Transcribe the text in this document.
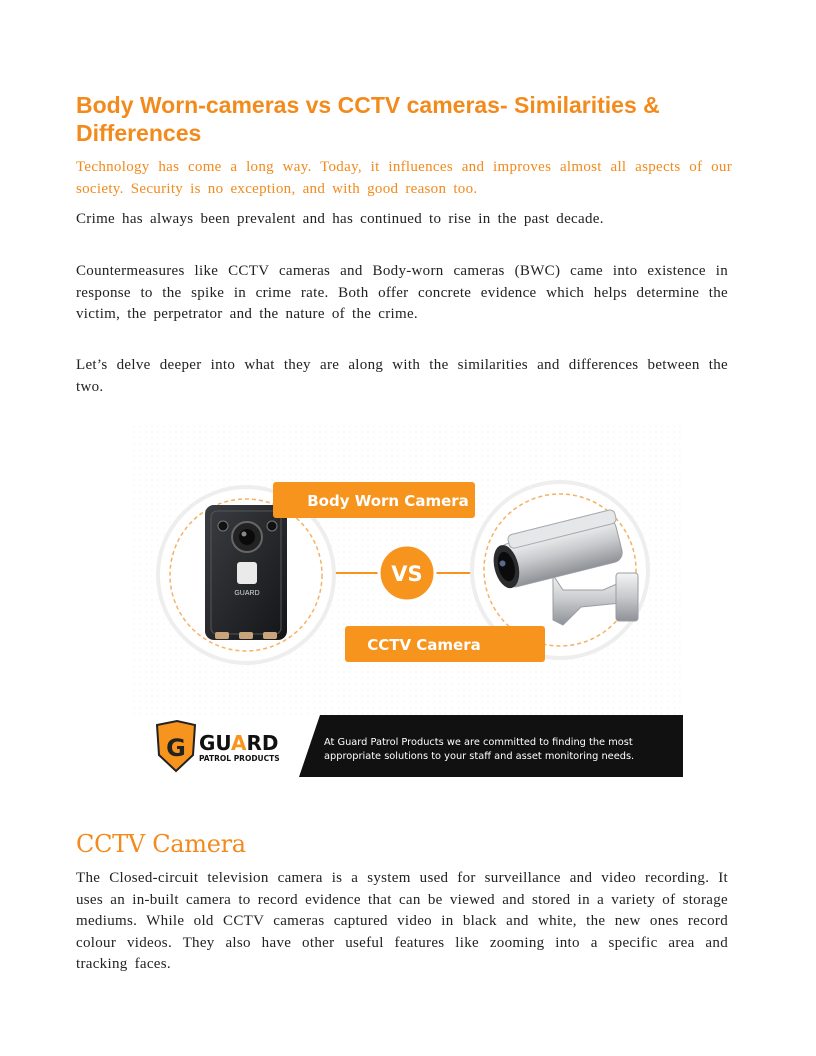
Body Worn-cameras vs CCTV cameras- Similarities & Differences

Technology has come a long way. Today, it influences and improves almost all aspects of our society. Security is no exception, and with good reason too.

Crime has always been prevalent and has continued to rise in the past decade.

Countermeasures like CCTV cameras and Body-worn cameras (BWC) came into existence in response to the spike in crime rate. Both offer concrete evidence which helps determine the victim, the perpetrator and the nature of the crime.

Let’s delve deeper into what they are along with the similarities and differences between the two.

GUARD
Body Worn Camera
VS
CCTV Camera
G GUARD
PATROL PRODUCTS
At Guard Patrol Products we are committed to finding the most
appropriate solutions to your staff and asset monitoring needs.
CCTV Camera

The Closed-circuit television camera is a system used for surveillance and video recording. It uses an in-built camera to record evidence that can be viewed and stored in a variety of storage mediums. While old CCTV cameras captured video in black and white, the new ones record colour videos. They also have other useful features like zooming into a specific area and tracking faces.
